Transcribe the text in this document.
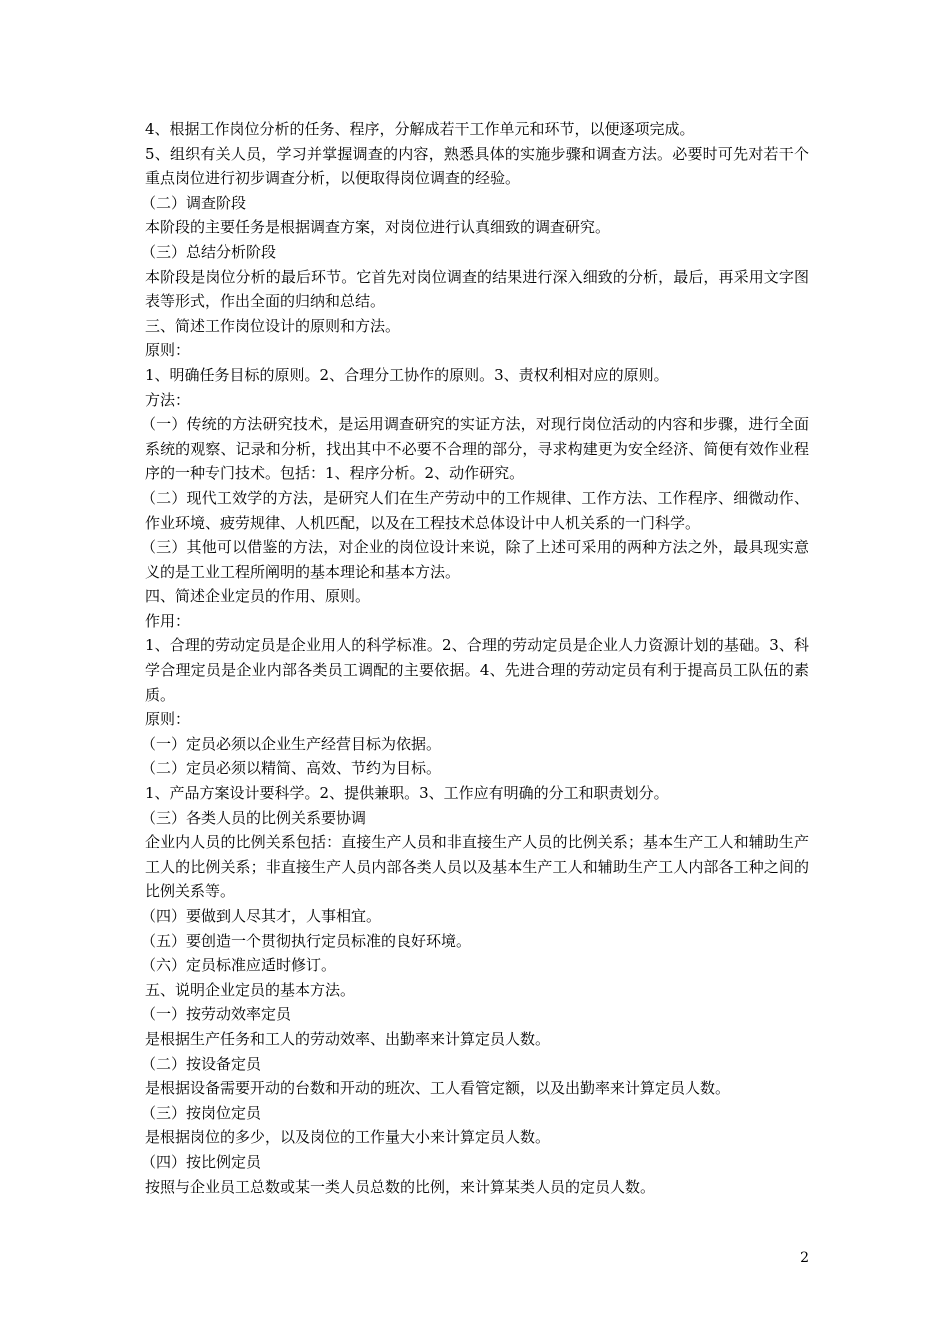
4、根据工作岗位分析的任务、程序，分解成若干工作单元和环节，以便逐项完成。

5、组织有关人员，学习并掌握调查的内容，熟悉具体的实施步骤和调查方法。必要时可先对若干个重点岗位进行初步调查分析，以便取得岗位调查的经验。

（二）调查阶段

本阶段的主要任务是根据调查方案，对岗位进行认真细致的调查研究。

（三）总结分析阶段

本阶段是岗位分析的最后环节。它首先对岗位调查的结果进行深入细致的分析，最后，再采用文字图表等形式，作出全面的归纳和总结。

三、简述工作岗位设计的原则和方法。

原则：

1、明确任务目标的原则。2、合理分工协作的原则。3、责权利相对应的原则。

方法：

（一）传统的方法研究技术，是运用调查研究的实证方法，对现行岗位活动的内容和步骤，进行全面系统的观察、记录和分析，找出其中不必要不合理的部分，寻求构建更为安全经济、简便有效作业程序的一种专门技术。包括：1、程序分析。2、动作研究。

（二）现代工效学的方法，是研究人们在生产劳动中的工作规律、工作方法、工作程序、细微动作、作业环境、疲劳规律、人机匹配，以及在工程技术总体设计中人机关系的一门科学。

（三）其他可以借鉴的方法，对企业的岗位设计来说，除了上述可采用的两种方法之外，最具现实意义的是工业工程所阐明的基本理论和基本方法。

四、简述企业定员的作用、原则。

作用：

1、合理的劳动定员是企业用人的科学标准。2、合理的劳动定员是企业人力资源计划的基础。3、科学合理定员是企业内部各类员工调配的主要依据。4、先进合理的劳动定员有利于提高员工队伍的素质。

原则：

（一）定员必须以企业生产经营目标为依据。

（二）定员必须以精简、高效、节约为目标。

1、产品方案设计要科学。2、提供兼职。3、工作应有明确的分工和职责划分。

（三）各类人员的比例关系要协调

企业内人员的比例关系包括：直接生产人员和非直接生产人员的比例关系；基本生产工人和辅助生产工人的比例关系；非直接生产人员内部各类人员以及基本生产工人和辅助生产工人内部各工种之间的比例关系等。

（四）要做到人尽其才，人事相宜。

（五）要创造一个贯彻执行定员标准的良好环境。

（六）定员标准应适时修订。

五、说明企业定员的基本方法。

（一）按劳动效率定员

是根据生产任务和工人的劳动效率、出勤率来计算定员人数。

（二）按设备定员

是根据设备需要开动的台数和开动的班次、工人看管定额，以及出勤率来计算定员人数。

（三）按岗位定员

是根据岗位的多少，以及岗位的工作量大小来计算定员人数。

（四）按比例定员

按照与企业员工总数或某一类人员总数的比例，来计算某类人员的定员人数。

2
